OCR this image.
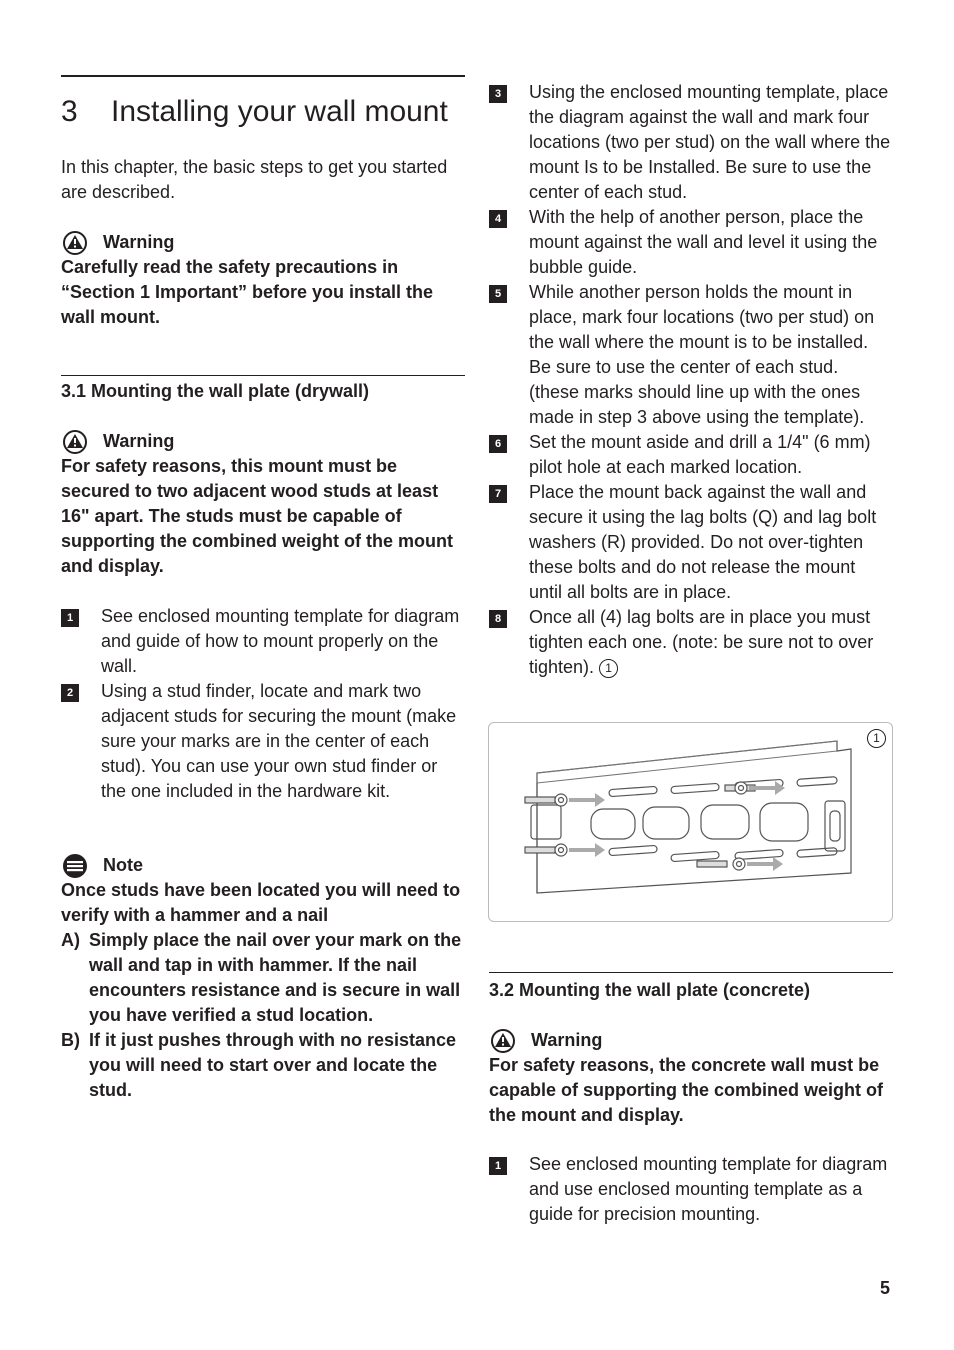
3 Installing your wall mount
In this chapter, the basic steps to get you started are described.
Warning
Carefully read the safety precautions in “Section 1 Important” before you install the wall mount.
3.1 Mounting the wall plate (drywall)
Warning
For safety reasons, this mount must be secured to two adjacent wood studs at least 16" apart. The studs must be capable of supporting the combined weight of the mount and display.
1	See enclosed mounting template for diagram and guide of how to mount properly on the wall.
2	Using a stud finder, locate and mark two adjacent studs for securing the mount (make sure your marks are in the center of each stud). You can use your own stud finder or the one included in the hardware kit.
Note
Once studs have been located you will need to verify with a hammer and a nail
A) Simply place the nail over your mark on the wall and tap in with hammer. If the nail encounters resistance and is secure in wall you have verified a stud location.
B) If it just pushes through with no resistance you will need to start over and locate the stud.
3	Using the enclosed mounting template, place the diagram against the wall and mark four locations (two per stud) on the wall where the mount Is to be Installed. Be sure to use the center of each stud.
4	With the help of another person, place the mount against the wall and level it using the bubble guide.
5	While another person holds the mount in place, mark four locations (two per stud) on the wall where the mount is to be installed. Be sure to use the center of each stud. (these marks should line up with the ones made in step 3 above using the template).
6	Set the mount aside and drill a 1/4" (6 mm) pilot hole at each marked location.
7	Place the mount back against the wall and secure it using the lag bolts (Q) and lag bolt washers (R) provided. Do not over-tighten these bolts and do not release the mount until all bolts are in place.
8	Once all (4) lag bolts are in place you must tighten each one. (note: be sure not to over tighten). 1
1
3.2 Mounting the wall plate (concrete)
Warning
For safety reasons, the concrete wall must be capable of supporting the combined weight of the mount and display.
1	See enclosed mounting template for diagram and use enclosed mounting template as a guide for precision mounting.
5
